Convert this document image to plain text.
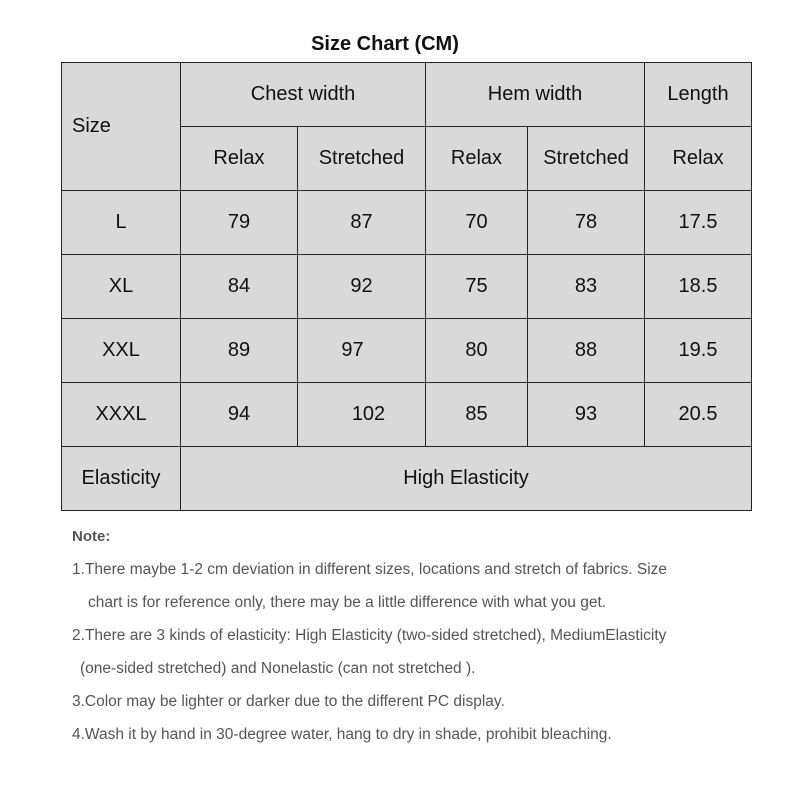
Size Chart (CM)
Size	Chest width		Hem width		Length
	Relax	Stretched	Relax	Stretched	Relax
L	79	87	70	78	17.5
XL	84	92	75	83	18.5
XXL	89	97	80	88	19.5
XXXL	94	102	85	93	20.5
Elasticity	High Elasticity				
Note:
1.There maybe 1-2 cm deviation in different sizes, locations and stretch of fabrics. Size
chart is for reference only, there may be a little difference with what you get.
2.There are 3 kinds of elasticity: High Elasticity (two-sided stretched), MediumElasticity
(one-sided stretched) and Nonelastic (can not stretched ).
3.Color may be lighter or darker due to the different PC display.
4.Wash it by hand in 30-degree water, hang to dry in shade, prohibit bleaching.
